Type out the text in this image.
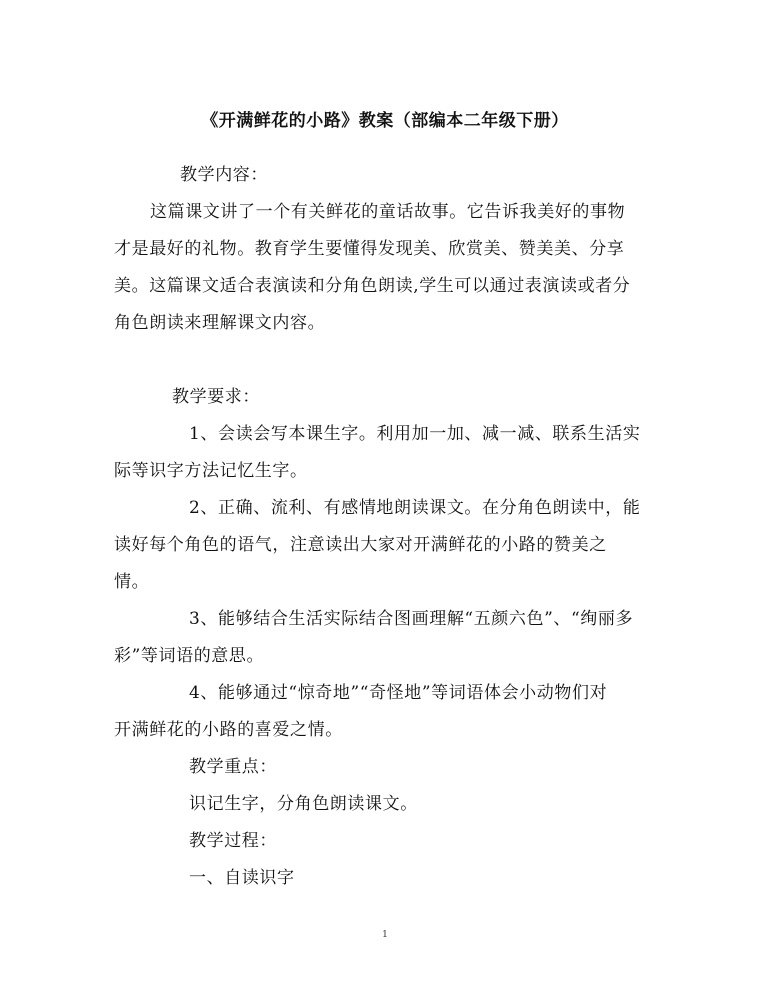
《开满鲜花的小路》教案（部编本二年级下册）
教学内容：
这篇课文讲了一个有关鲜花的童话故事。它告诉我美好的事物
才是最好的礼物。教育学生要懂得发现美、欣赏美、赞美美、分享
美。这篇课文适合表演读和分角色朗读,学生可以通过表演读或者分
角色朗读来理解课文内容。
教学要求：
1、会读会写本课生字。利用加一加、减一减、联系生活实
际等识字方法记忆生字。
2、正确、流利、有感情地朗读课文。在分角色朗读中，能
读好每个角色的语气，注意读出大家对开满鲜花的小路的赞美之
情。
3、能够结合生活实际结合图画理解“五颜六色”、“绚丽多
彩”等词语的意思。
4、能够通过“惊奇地”“奇怪地”等词语体会小动物们对
开满鲜花的小路的喜爱之情。
教学重点：
识记生字，分角色朗读课文。
教学过程：
一、自读识字
1
